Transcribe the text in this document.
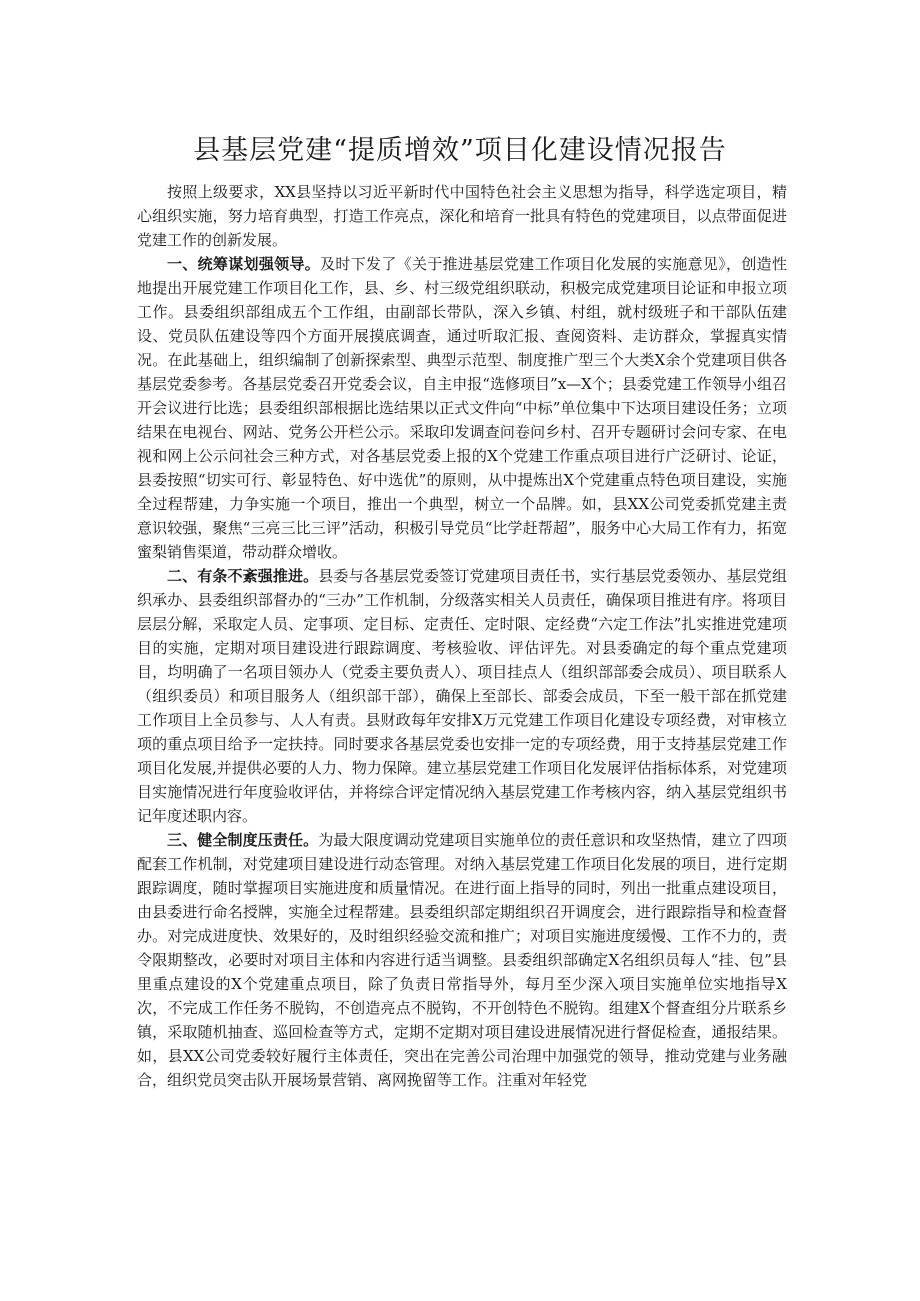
县基层党建“提质增效”项目化建设情况报告

按照上级要求，XX县坚持以习近平新时代中国特色社会主义思想为指导，科学选定项目，精心组织实施，努力培育典型，打造工作亮点，深化和培育一批具有特色的党建项目，以点带面促进党建工作的创新发展。

一、统筹谋划强领导。及时下发了《关于推进基层党建工作项目化发展的实施意见》，创造性地提出开展党建工作项目化工作，县、乡、村三级党组织联动，积极完成党建项目论证和申报立项工作。县委组织部组成五个工作组，由副部长带队，深入乡镇、村组，就村级班子和干部队伍建设、党员队伍建设等四个方面开展摸底调查，通过听取汇报、查阅资料、走访群众，掌握真实情况。在此基础上，组织编制了创新探索型、典型示范型、制度推广型三个大类X余个党建项目供各基层党委参考。各基层党委召开党委会议，自主申报“选修项目”x—X个；县委党建工作领导小组召开会议进行比选；县委组织部根据比选结果以正式文件向“中标”单位集中下达项目建设任务；立项结果在电视台、网站、党务公开栏公示。采取印发调查问卷问乡村、召开专题研讨会问专家、在电视和网上公示问社会三种方式，对各基层党委上报的X个党建工作重点项目进行广泛研讨、论证，县委按照“切实可行、彰显特色、好中选优”的原则，从中提炼出X个党建重点特色项目建设，实施全过程帮建，力争实施一个项目，推出一个典型，树立一个品牌。如，县XX公司党委抓党建主责意识较强，聚焦“三亮三比三评”活动，积极引导党员“比学赶帮超”，服务中心大局工作有力，拓宽蜜梨销售渠道，带动群众增收。

二、有条不紊强推进。县委与各基层党委签订党建项目责任书，实行基层党委领办、基层党组织承办、县委组织部督办的“三办”工作机制，分级落实相关人员责任，确保项目推进有序。将项目层层分解，采取定人员、定事项、定目标、定责任、定时限、定经费“六定工作法”扎实推进党建项目的实施，定期对项目建设进行跟踪调度、考核验收、评估评先。对县委确定的每个重点党建项目，均明确了一名项目领办人（党委主要负责人）、项目挂点人（组织部部委会成员）、项目联系人（组织委员）和项目服务人（组织部干部），确保上至部长、部委会成员，下至一般干部在抓党建工作项目上全员参与、人人有责。县财政每年安排X万元党建工作项目化建设专项经费，对审核立项的重点项目给予一定扶持。同时要求各基层党委也安排一定的专项经费，用于支持基层党建工作项目化发展,并提供必要的人力、物力保障。建立基层党建工作项目化发展评估指标体系，对党建项目实施情况进行年度验收评估，并将综合评定情况纳入基层党建工作考核内容，纳入基层党组织书记年度述职内容。

三、健全制度压责任。为最大限度调动党建项目实施单位的责任意识和攻坚热情，建立了四项配套工作机制，对党建项目建设进行动态管理。对纳入基层党建工作项目化发展的项目，进行定期跟踪调度，随时掌握项目实施进度和质量情况。在进行面上指导的同时，列出一批重点建设项目，由县委进行命名授牌，实施全过程帮建。县委组织部定期组织召开调度会，进行跟踪指导和检查督办。对完成进度快、效果好的，及时组织经验交流和推广；对项目实施进度缓慢、工作不力的，责令限期整改，必要时对项目主体和内容进行适当调整。县委组织部确定X名组织员每人“挂、包”县里重点建设的X个党建重点项目，除了负责日常指导外，每月至少深入项目实施单位实地指导X次，不完成工作任务不脱钩，不创造亮点不脱钩，不开创特色不脱钩。组建X个督查组分片联系乡镇，采取随机抽查、巡回检查等方式，定期不定期对项目建设进展情况进行督促检查，通报结果。如，县XX公司党委较好履行主体责任，突出在完善公司治理中加强党的领导，推动党建与业务融合，组织党员突击队开展场景营销、离网挽留等工作。注重对年轻党
